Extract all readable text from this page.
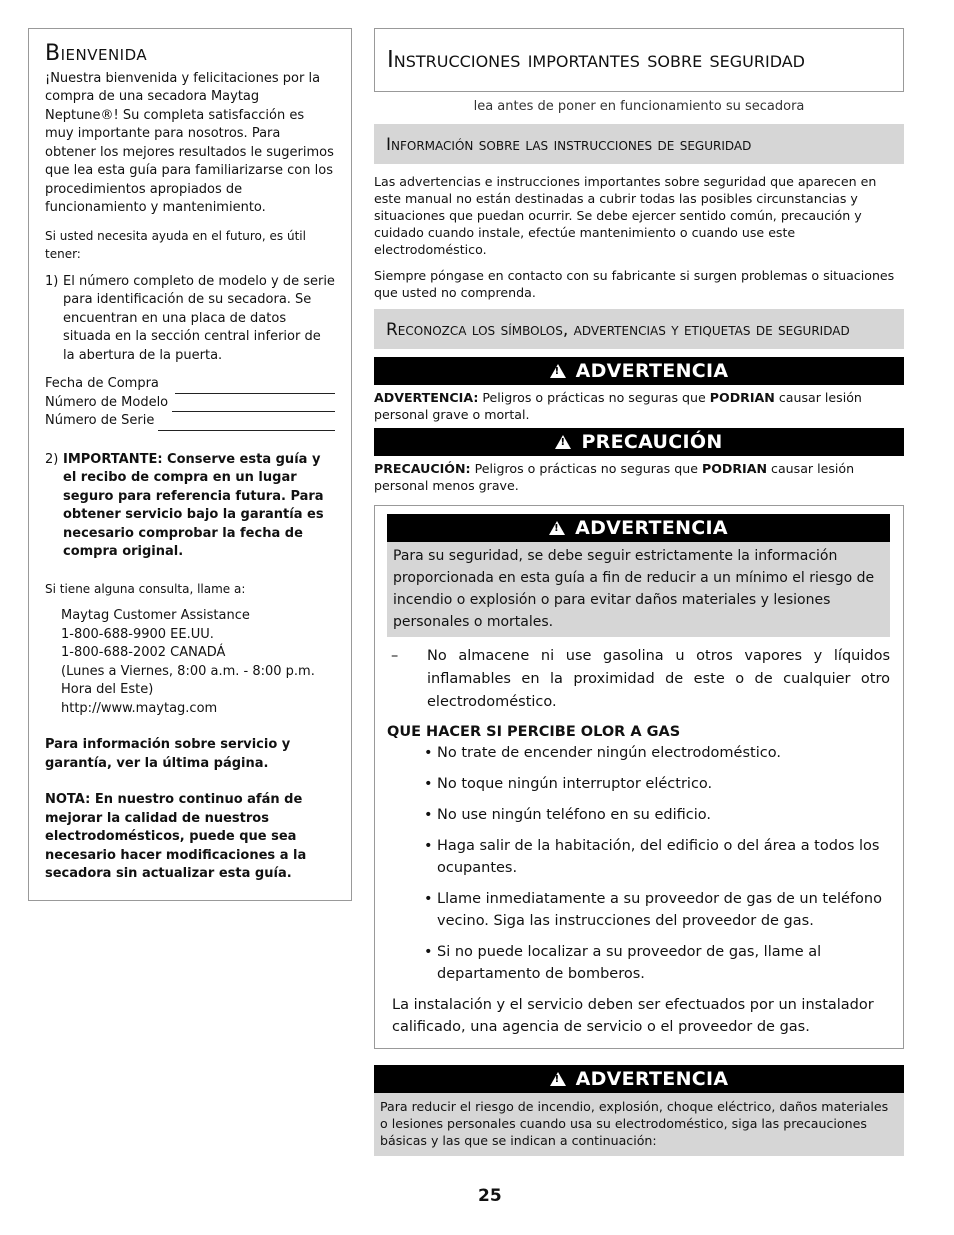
Bienvenida

¡Nuestra bienvenida y felicitaciones por la compra de una secadora Maytag Neptune®! Su completa satisfacción es muy importante para nosotros. Para obtener los mejores resultados le sugerimos que lea esta guía para familiarizarse con los procedimientos apropiados de funcionamiento y mantenimiento.

Si usted necesita ayuda en el futuro, es útil tener:

1) El número completo de modelo y de serie para identificación de su secadora. Se encuentran en una placa de datos situada en la sección central inferior de la abertura de la puerta.
Fecha de Compra
Número de Modelo
Número de Serie
2) IMPORTANTE: Conserve esta guía y el recibo de compra en un lugar seguro para referencia futura. Para obtener servicio bajo la garantía es necesario comprobar la fecha de compra original.

Si tiene alguna consulta, llame a:

Maytag Customer Assistance
1-800-688-9900 EE.UU.
1-800-688-2002 CANADÁ
(Lunes a Viernes, 8:00 a.m. - 8:00 p.m.
Hora del Este)
http://www.maytag.com

Para información sobre servicio y garantía, ver la última página.

NOTA: En nuestro continuo afán de mejorar la calidad de nuestros electrodomésticos, puede que sea necesario hacer modificaciones a la secadora sin actualizar esta guía.

Instrucciones importantes sobre seguridad
lea antes de poner en funcionamiento su secadora
Información sobre las instrucciones de seguridad

Las advertencias e instrucciones importantes sobre seguridad que aparecen en este manual no están destinadas a cubrir todas las posibles circunstancias y situaciones que puedan ocurrir. Se debe ejercer sentido común, precaución y cuidado cuando instale, efectúe mantenimiento o cuando use este electrodoméstico.

Siempre póngase en contacto con su fabricante si surgen problemas o situaciones que usted no comprenda.

Reconozca los símbolos, advertencias y etiquetas de seguridad
!ADVERTENCIA

ADVERTENCIA: Peligros o prácticas no seguras que PODRIAN causar lesión personal grave o mortal.

!PRECAUCIÓN

PRECAUCIÓN: Peligros o prácticas no seguras que PODRIAN causar lesión personal menos grave.

!ADVERTENCIA
Para su seguridad, se debe seguir estrictamente la información proporcionada en esta guía a fin de reducir a un mínimo el riesgo de incendio o explosión o para evitar daños materiales y lesiones personales o mortales.
–	No almacene ni use gasolina u otros vapores y líquidos inflamables en la proximidad de este o de cualquier otro electrodoméstico.
QUE HACER SI PERCIBE OLOR A GAS
• No trate de encender ningún electrodoméstico.
• No toque ningún interruptor eléctrico.
• No use ningún teléfono en su edificio.
• Haga salir de la habitación, del edificio o del área a todos los ocupantes.
• Llame inmediatamente a su proveedor de gas de un teléfono vecino. Siga las instrucciones del proveedor de gas.
• Si no puede localizar a su proveedor de gas, llame al departamento de bomberos.

La instalación y el servicio deben ser efectuados por un instalador calificado, una agencia de servicio o el proveedor de gas.

!ADVERTENCIA
Para reducir el riesgo de incendio, explosión, choque eléctrico, daños materiales o lesiones personales cuando usa su electrodoméstico, siga las precauciones básicas y las que se indican a continuación:
25
